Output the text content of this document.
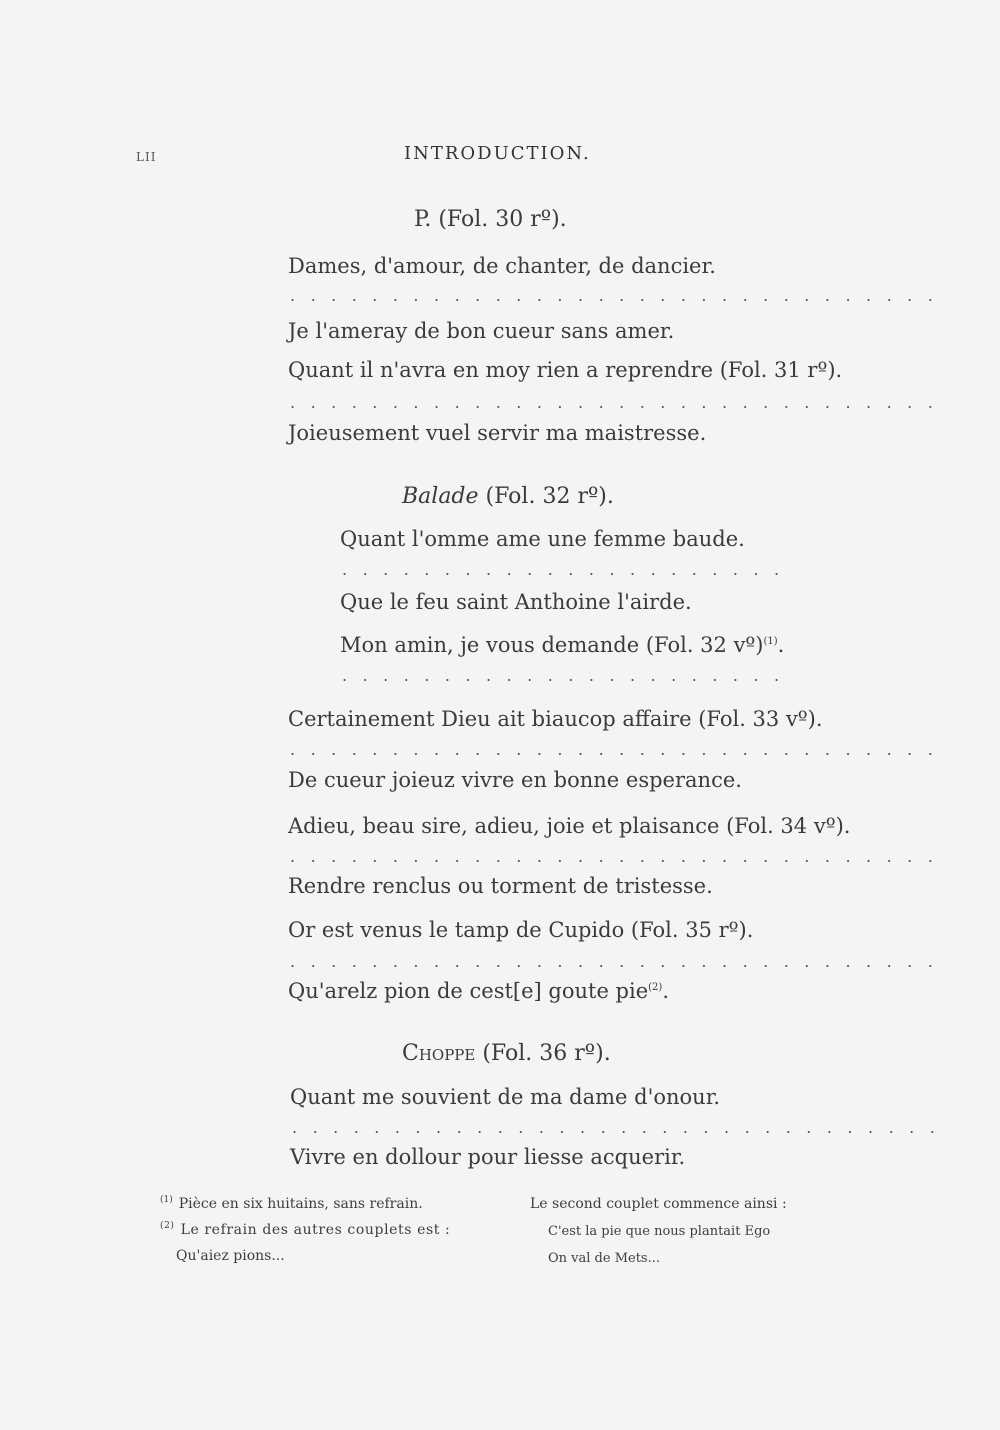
LII	INTRODUCTION.
P. (Fol. 30 rº).
Dames, d'amour, de chanter, de dancier.
. . . . . . . . . . . . . . . . . . . . . . . . . . . . . . . .
Je l'ameray de bon cueur sans amer.
Quant il n'avra en moy rien a reprendre (Fol. 31 rº).
. . . . . . . . . . . . . . . . . . . . . . . . . . . . . . . .
Joieusement vuel servir ma maistresse.
Balade (Fol. 32 rº).
Quant l'omme ame une femme baude.
. . . . . . . . . . . . . . . . . . . . . .
Que le feu saint Anthoine l'airde.
Mon amin, je vous demande (Fol. 32 vº)$^{(1)}$.
. . . . . . . . . . . . . . . . . . . . . .
Certainement Dieu ait biaucop affaire (Fol. 33 vº).
. . . . . . . . . . . . . . . . . . . . . . . . . . . . . . . .
De cueur joieuz vivre en bonne esperance.
Adieu, beau sire, adieu, joie et plaisance (Fol. 34 vº).
. . . . . . . . . . . . . . . . . . . . . . . . . . . . . . . .
Rendre renclus ou torment de tristesse.
Or est venus le tamp de Cupido (Fol. 35 rº).
. . . . . . . . . . . . . . . . . . . . . . . . . . . . . . . .
Qu'arelz pion de cest[e] goute pie$^{(2)}$.
Choppe (Fol. 36 rº).
Quant me souvient de ma dame d'onour.
. . . . . . . . . . . . . . . . . . . . . . . . . . . . . . . .
Vivre en dollour pour liesse acquerir.
$^{(1)}$ Pièce en six huitains, sans refrain.
$^{(2)}$ Le refrain des autres couplets est :
Qu'aiez pions...
Le second couplet commence ainsi :
C'est la pie que nous plantait Ego
On val de Mets...
